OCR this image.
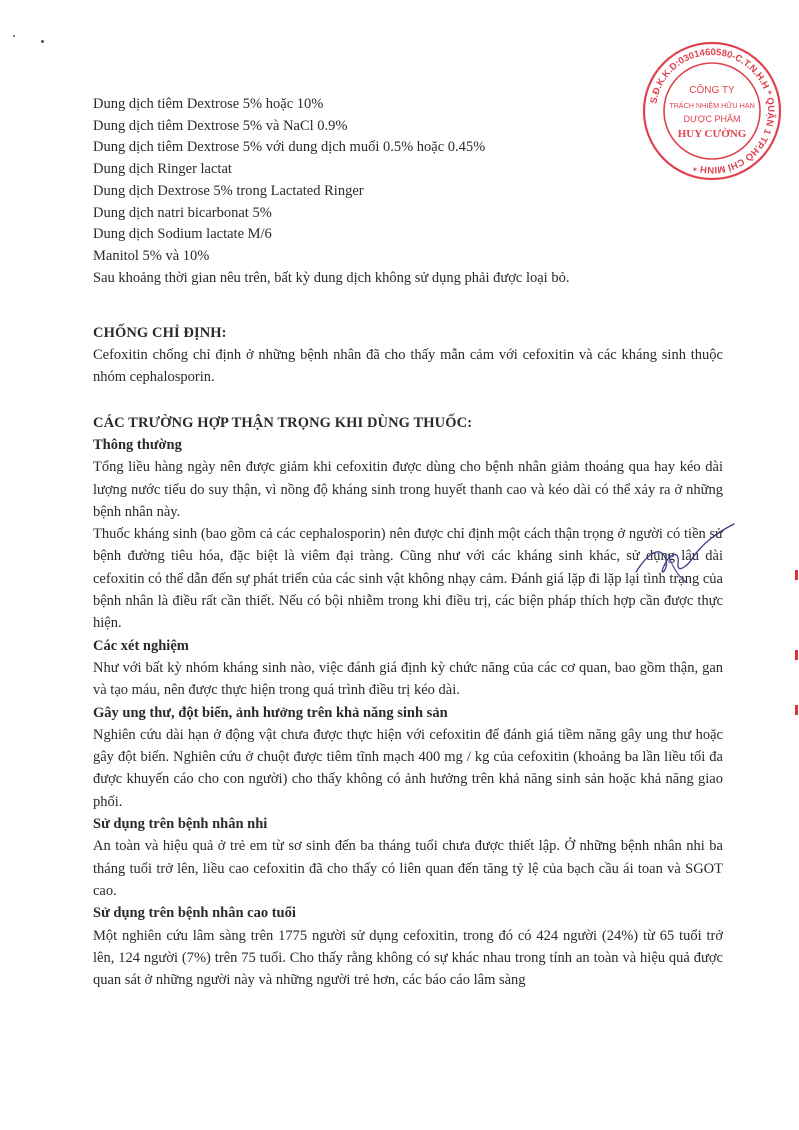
Dung dịch tiêm Dextrose 5% hoặc 10%
Dung dịch tiêm Dextrose 5% và NaCl 0.9%
Dung dịch tiêm Dextrose 5% với dung dịch muối 0.5% hoặc 0.45%
Dung dịch Ringer lactat
Dung dịch Dextrose 5% trong Lactated Ringer
Dung dịch natri bicarbonat 5%
Dung dịch Sodium lactate M/6
Manitol 5% và 10%
Sau khoảng thời gian nêu trên, bất kỳ dung dịch không sử dụng phải được loại bỏ.
CHỐNG CHỈ ĐỊNH:

Cefoxitin chống chỉ định ở những bệnh nhân đã cho thấy mẫn cảm với cefoxitin và các kháng sinh thuộc nhóm cephalosporin.

CÁC TRƯỜNG HỢP THẬN TRỌNG KHI DÙNG THUỐC:

Thông thường

Tổng liều hàng ngày nên được giảm khi cefoxitin được dùng cho bệnh nhân giảm thoáng qua hay kéo dài lượng nước tiểu do suy thận, vì nồng độ kháng sinh trong huyết thanh cao và kéo dài có thể xảy ra ở những bệnh nhân này.

Thuốc kháng sinh (bao gồm cả các cephalosporin) nên được chỉ định một cách thận trọng ở người có tiền sử bệnh đường tiêu hóa, đặc biệt là viêm đại tràng. Cũng như với các kháng sinh khác, sử dụng lâu dài cefoxitin có thể dẫn đến sự phát triển của các sinh vật không nhạy cảm. Đánh giá lặp đi lặp lại tình trạng của bệnh nhân là điều rất cần thiết. Nếu có bội nhiễm trong khi điều trị, các biện pháp thích hợp cần được thực hiện.

Các xét nghiệm

Như với bất kỳ nhóm kháng sinh nào, việc đánh giá định kỳ chức năng của các cơ quan, bao gồm thận, gan và tạo máu, nên được thực hiện trong quá trình điều trị kéo dài.

Gây ung thư, đột biến, ảnh hưởng trên khả năng sinh sản

Nghiên cứu dài hạn ở động vật chưa được thực hiện với cefoxitin để đánh giá tiềm năng gây ung thư hoặc gây đột biến. Nghiên cứu ở chuột được tiêm tĩnh mạch 400 mg / kg của cefoxitin (khoảng ba lần liều tối đa được khuyến cáo cho con người) cho thấy không có ảnh hưởng trên khả năng sinh sản hoặc khả năng giao phối.

Sử dụng trên bệnh nhân nhi

An toàn và hiệu quả ở trẻ em từ sơ sinh đến ba tháng tuổi chưa được thiết lập. Ở những bệnh nhân nhi ba tháng tuổi trở lên, liều cao cefoxitin đã cho thấy có liên quan đến tăng tỷ lệ của bạch cầu ái toan và SGOT cao.

Sử dụng trên bệnh nhân cao tuổi

Một nghiên cứu lâm sàng trên 1775 người sử dụng cefoxitin, trong đó có 424 người (24%) từ 65 tuổi trở lên, 124 người (7%) trên 75 tuổi. Cho thấy rằng không có sự khác nhau trong tính an toàn và hiệu quả được quan sát ở những người này và những người trẻ hơn, các báo cáo lâm sàng

S.Đ.K.K.D:0301460580-C.T.N.H.H * QUẬN 1 TP.HỒ CHÍ MINH *
CÔNG TY
TRÁCH NHIỆM HỮU HẠN
DƯỢC PHẨM
HUY CƯỜNG
